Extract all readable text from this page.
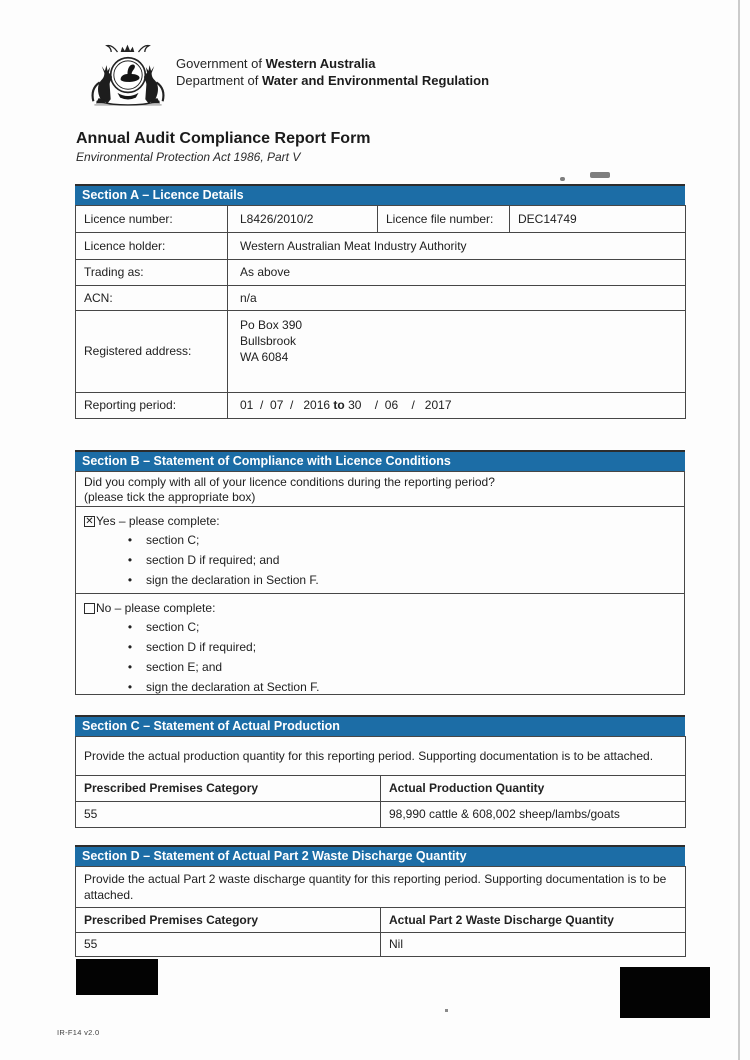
Government of Western Australia
Department of Water and Environmental Regulation
Annual Audit Compliance Report Form
Environmental Protection Act 1986, Part V
Section A – Licence Details
Licence number:	L8426/2010/2	Licence file number:	DEC14749
Licence holder:	Western Australian Meat Industry Authority		
Trading as:	As above		
ACN:	n/a		
Registered address:	Po Box 390
Bullsbrook
WA 6084		

Reporting period:	01  /  07  /   2016 to 30    /  06    /   2017		
Section B – Statement of Compliance with Licence Conditions
Did you comply with all of your licence conditions during the reporting period?
(please tick the appropriate box)
✕ Yes – please complete:
•	section C;
•	section D if required; and
•	sign the declaration in Section F.
No – please complete:
•	section C;
•	section D if required;
•	section E; and
•	sign the declaration at Section F.
Section C – Statement of Actual Production
Provide the actual production quantity for this reporting period. Supporting documentation is to be attached.	
Prescribed Premises Category	Actual Production Quantity
55	98,990 cattle & 608,002 sheep/lambs/goats
Section D – Statement of Actual Part 2 Waste Discharge Quantity
Provide the actual Part 2 waste discharge quantity for this reporting period. Supporting documentation is to be attached.	
Prescribed Premises Category	Actual Part 2 Waste Discharge Quantity
55	Nil
IR-F14 v2.0
